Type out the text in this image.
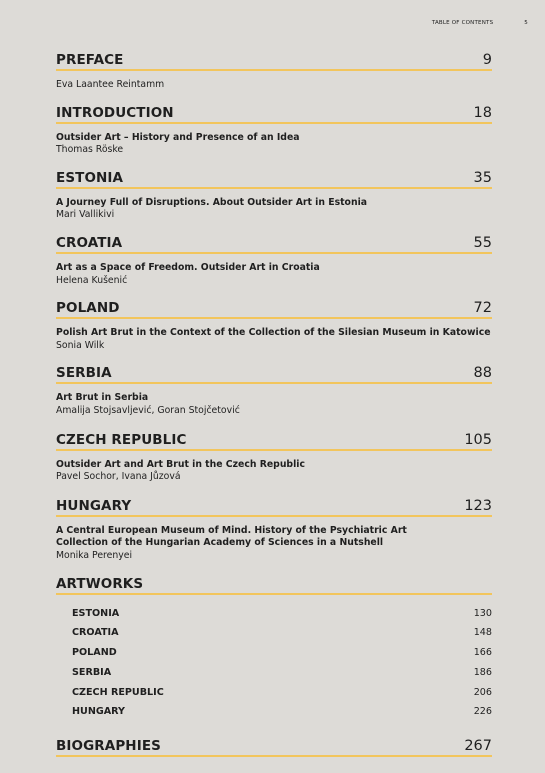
TABLE OF CONTENTS	5
PREFACE	9
Eva Laantee Reintamm
INTRODUCTION	18
Outsider Art – History and Presence of an Idea
Thomas Röske
ESTONIA	35
A Journey Full of Disruptions. About Outsider Art in Estonia
Mari Vallikivi
CROATIA	55
Art as a Space of Freedom. Outsider Art in Croatia
Helena Kušenić
POLAND	72
Polish Art Brut in the Context of the Collection of the Silesian Museum in Katowice
Sonia Wilk
SERBIA	88
Art Brut in Serbia
Amalija Stojsavljević, Goran Stojčetović
CZECH REPUBLIC	105
Outsider Art and Art Brut in the Czech Republic
Pavel Sochor, Ivana Jůzová
HUNGARY	123
A Central European Museum of Mind. History of the Psychiatric Art
Collection of the Hungarian Academy of Sciences in a Nutshell
Monika Perenyei
ARTWORKS
ESTONIA	130
CROATIA	148
POLAND	166
SERBIA	186
CZECH REPUBLIC	206
HUNGARY	226
BIOGRAPHIES	267
